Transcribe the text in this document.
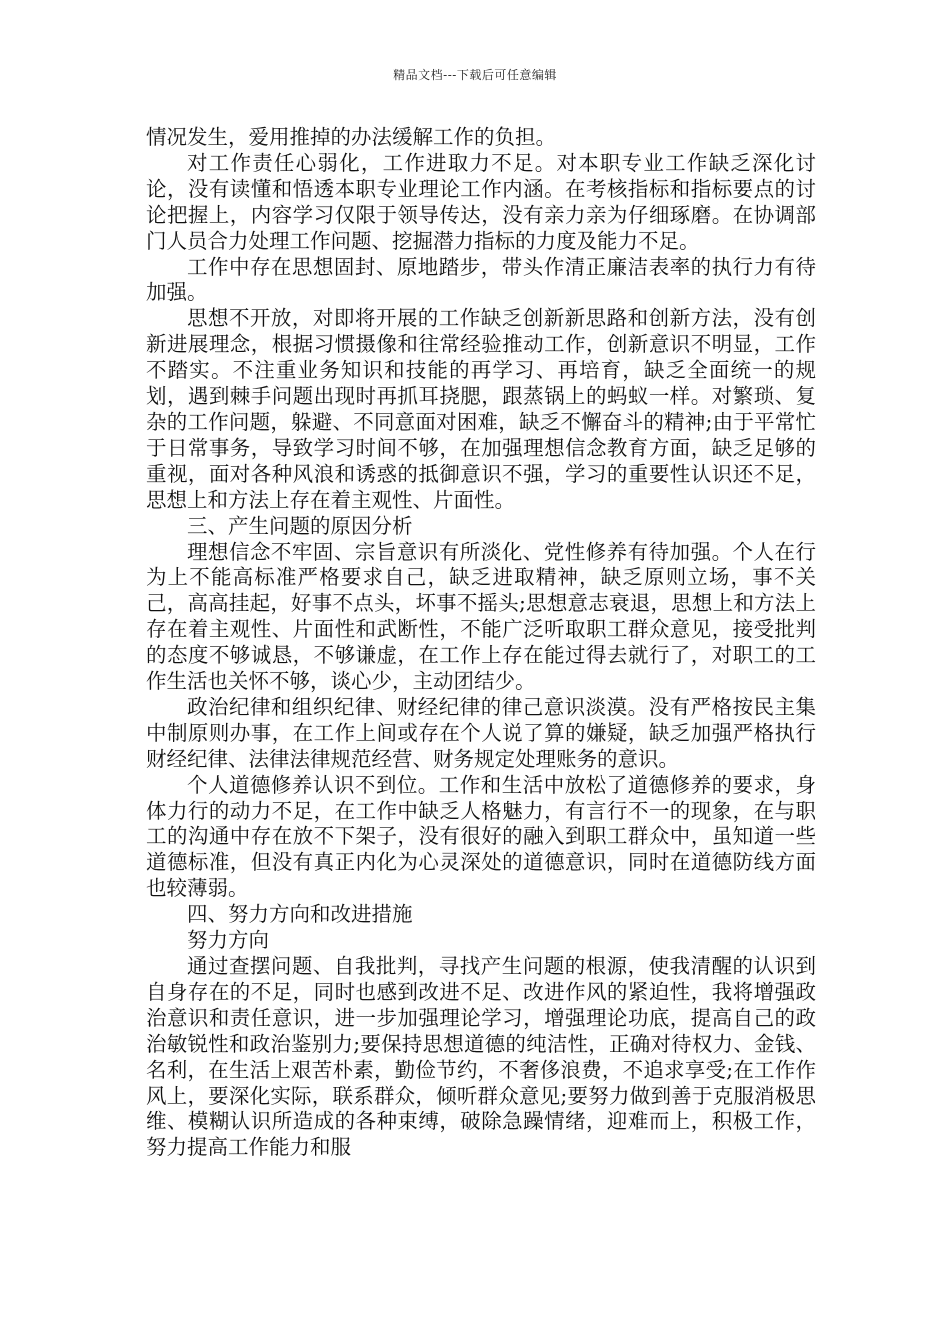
精品文档---下载后可任意编辑

情况发生，爱用推掉的办法缓解工作的负担。

对工作责任心弱化，工作进取力不足。对本职专业工作缺乏深化讨论，没有读懂和悟透本职专业理论工作内涵。在考核指标和指标要点的讨论把握上，内容学习仅限于领导传达，没有亲力亲为仔细琢磨。在协调部门人员合力处理工作问题、挖掘潜力指标的力度及能力不足。

工作中存在思想固封、原地踏步，带头作清正廉洁表率的执行力有待加强。

思想不开放，对即将开展的工作缺乏创新新思路和创新方法，没有创新进展理念，根据习惯摄像和往常经验推动工作，创新意识不明显，工作不踏实。不注重业务知识和技能的再学习、再培育，缺乏全面统一的规划，遇到棘手问题出现时再抓耳挠腮，跟蒸锅上的蚂蚁一样。对繁琐、复杂的工作问题，躲避、不同意面对困难，缺乏不懈奋斗的精神;由于平常忙于日常事务，导致学习时间不够，在加强理想信念教育方面，缺乏足够的重视，面对各种风浪和诱惑的抵御意识不强，学习的重要性认识还不足，思想上和方法上存在着主观性、片面性。

三、产生问题的原因分析

理想信念不牢固、宗旨意识有所淡化、党性修养有待加强。个人在行为上不能高标准严格要求自己，缺乏进取精神，缺乏原则立场，事不关己，高高挂起，好事不点头，坏事不摇头;思想意志衰退，思想上和方法上存在着主观性、片面性和武断性，不能广泛听取职工群众意见，接受批判的态度不够诚恳，不够谦虚，在工作上存在能过得去就行了，对职工的工作生活也关怀不够，谈心少，主动团结少。

政治纪律和组织纪律、财经纪律的律己意识淡漠。没有严格按民主集中制原则办事，在工作上间或存在个人说了算的嫌疑，缺乏加强严格执行财经纪律、法律法律规范经营、财务规定处理账务的意识。

个人道德修养认识不到位。工作和生活中放松了道德修养的要求，身体力行的动力不足，在工作中缺乏人格魅力，有言行不一的现象，在与职工的沟通中存在放不下架子，没有很好的融入到职工群众中，虽知道一些道德标准，但没有真正内化为心灵深处的道德意识，同时在道德防线方面也较薄弱。

四、努力方向和改进措施

努力方向

通过查摆问题、自我批判，寻找产生问题的根源，使我清醒的认识到自身存在的不足，同时也感到改进不足、改进作风的紧迫性，我将增强政治意识和责任意识，进一步加强理论学习，增强理论功底，提高自己的政治敏锐性和政治鉴别力;要保持思想道德的纯洁性，正确对待权力、金钱、名利，在生活上艰苦朴素，勤俭节约，不奢侈浪费，不追求享受;在工作作风上，要深化实际，联系群众，倾听群众意见;要努力做到善于克服消极思维、模糊认识所造成的各种束缚，破除急躁情绪，迎难而上，积极工作，努力提高工作能力和服
